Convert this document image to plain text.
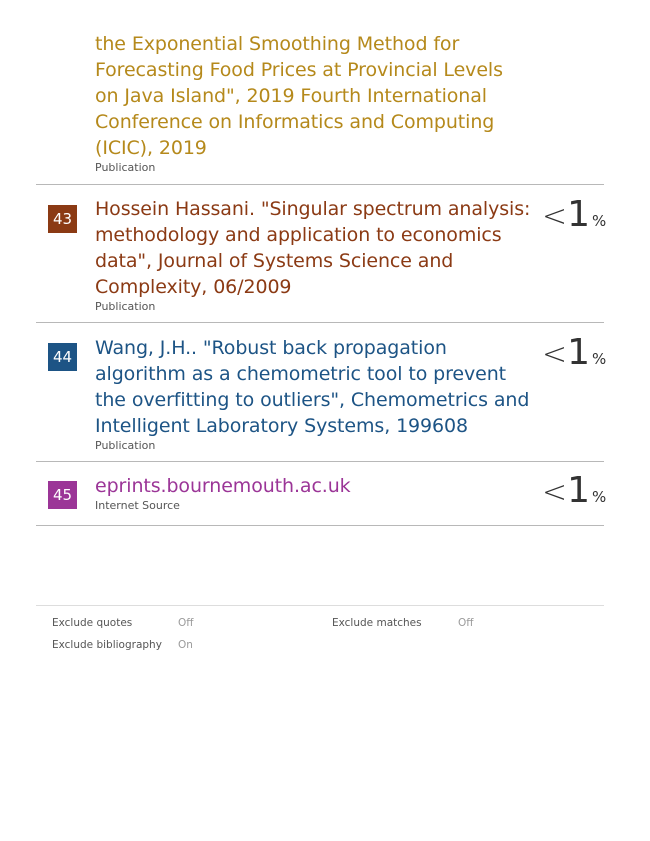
the Exponential Smoothing Method for
Forecasting Food Prices at Provincial Levels
on Java Island", 2019 Fourth International
Conference on Informatics and Computing
(ICIC), 2019

Publication
43 Hossein Hassani. "Singular spectrum analysis:
methodology and application to economics
data", Journal of Systems Science and
Complexity, 06/2009

Publication
<1 %
44 Wang, J.H.. "Robust back propagation
algorithm as a chemometric tool to prevent
the overfitting to outliers", Chemometrics and
Intelligent Laboratory Systems, 199608

Publication
<1 %
45 eprints.bournemouth.ac.uk

Internet Source	<1 %
Exclude quotes	Off	Exclude matches	Off
Exclude bibliography On
